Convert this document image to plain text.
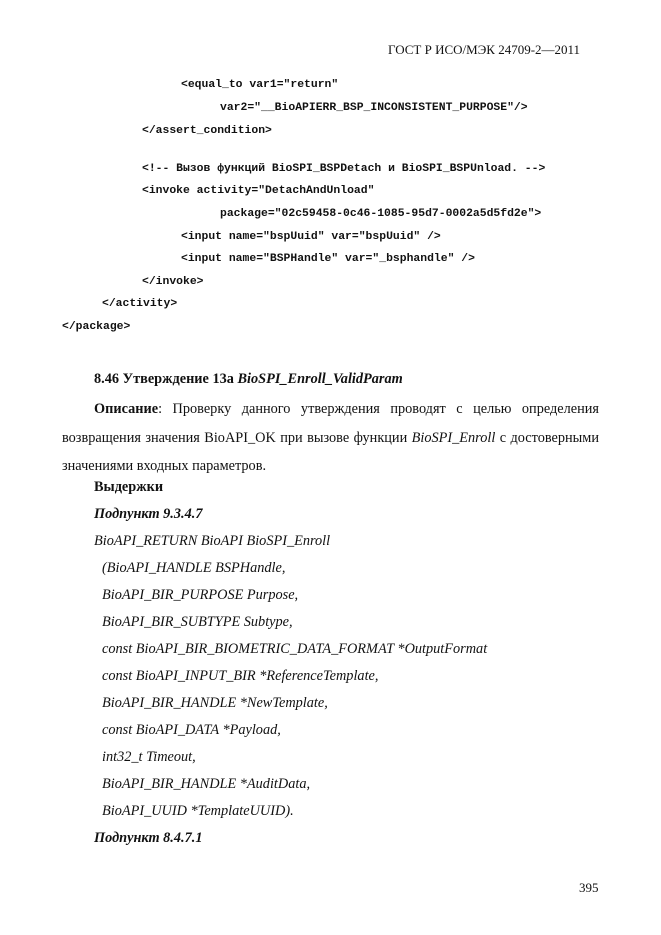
ГОСТ Р ИСО/МЭК 24709-2—2011
<equal_to var1="return"
var2="__BioAPIERR_BSP_INCONSISTENT_PURPOSE"/>
</assert_condition>
<!-- Вызов функций BioSPI_BSPDetach и BioSPI_BSPUnload. -->
<invoke activity="DetachAndUnload"
package="02c59458-0c46-1085-95d7-0002a5d5fd2e">
<input name="bspUuid" var="bspUuid" />
<input name="BSPHandle" var="_bsphandle" />
</invoke>
</activity>
</package>
8.46 Утверждение 13а BioSPI_Enroll_ValidParam
Описание: Проверку данного утверждения проводят с целью определения возвращения значения BioAPI_OK при вызове функции BioSPI_Enroll с достоверными значениями входных параметров.
Выдержки
Подпункт 9.3.4.7
BioAPI_RETURN BioAPI BioSPI_Enroll
(BioAPI_HANDLE BSPHandle,
BioAPI_BIR_PURPOSE Purpose,
BioAPI_BIR_SUBTYPE Subtype,
const BioAPI_BIR_BIOMETRIC_DATA_FORMAT *OutputFormat
const BioAPI_INPUT_BIR *ReferenceTemplate,
BioAPI_BIR_HANDLE *NewTemplate,
const BioAPI_DATA *Payload,
int32_t Timeout,
BioAPI_BIR_HANDLE *AuditData,
BioAPI_UUID *TemplateUUID).
Подпункт 8.4.7.1
395
